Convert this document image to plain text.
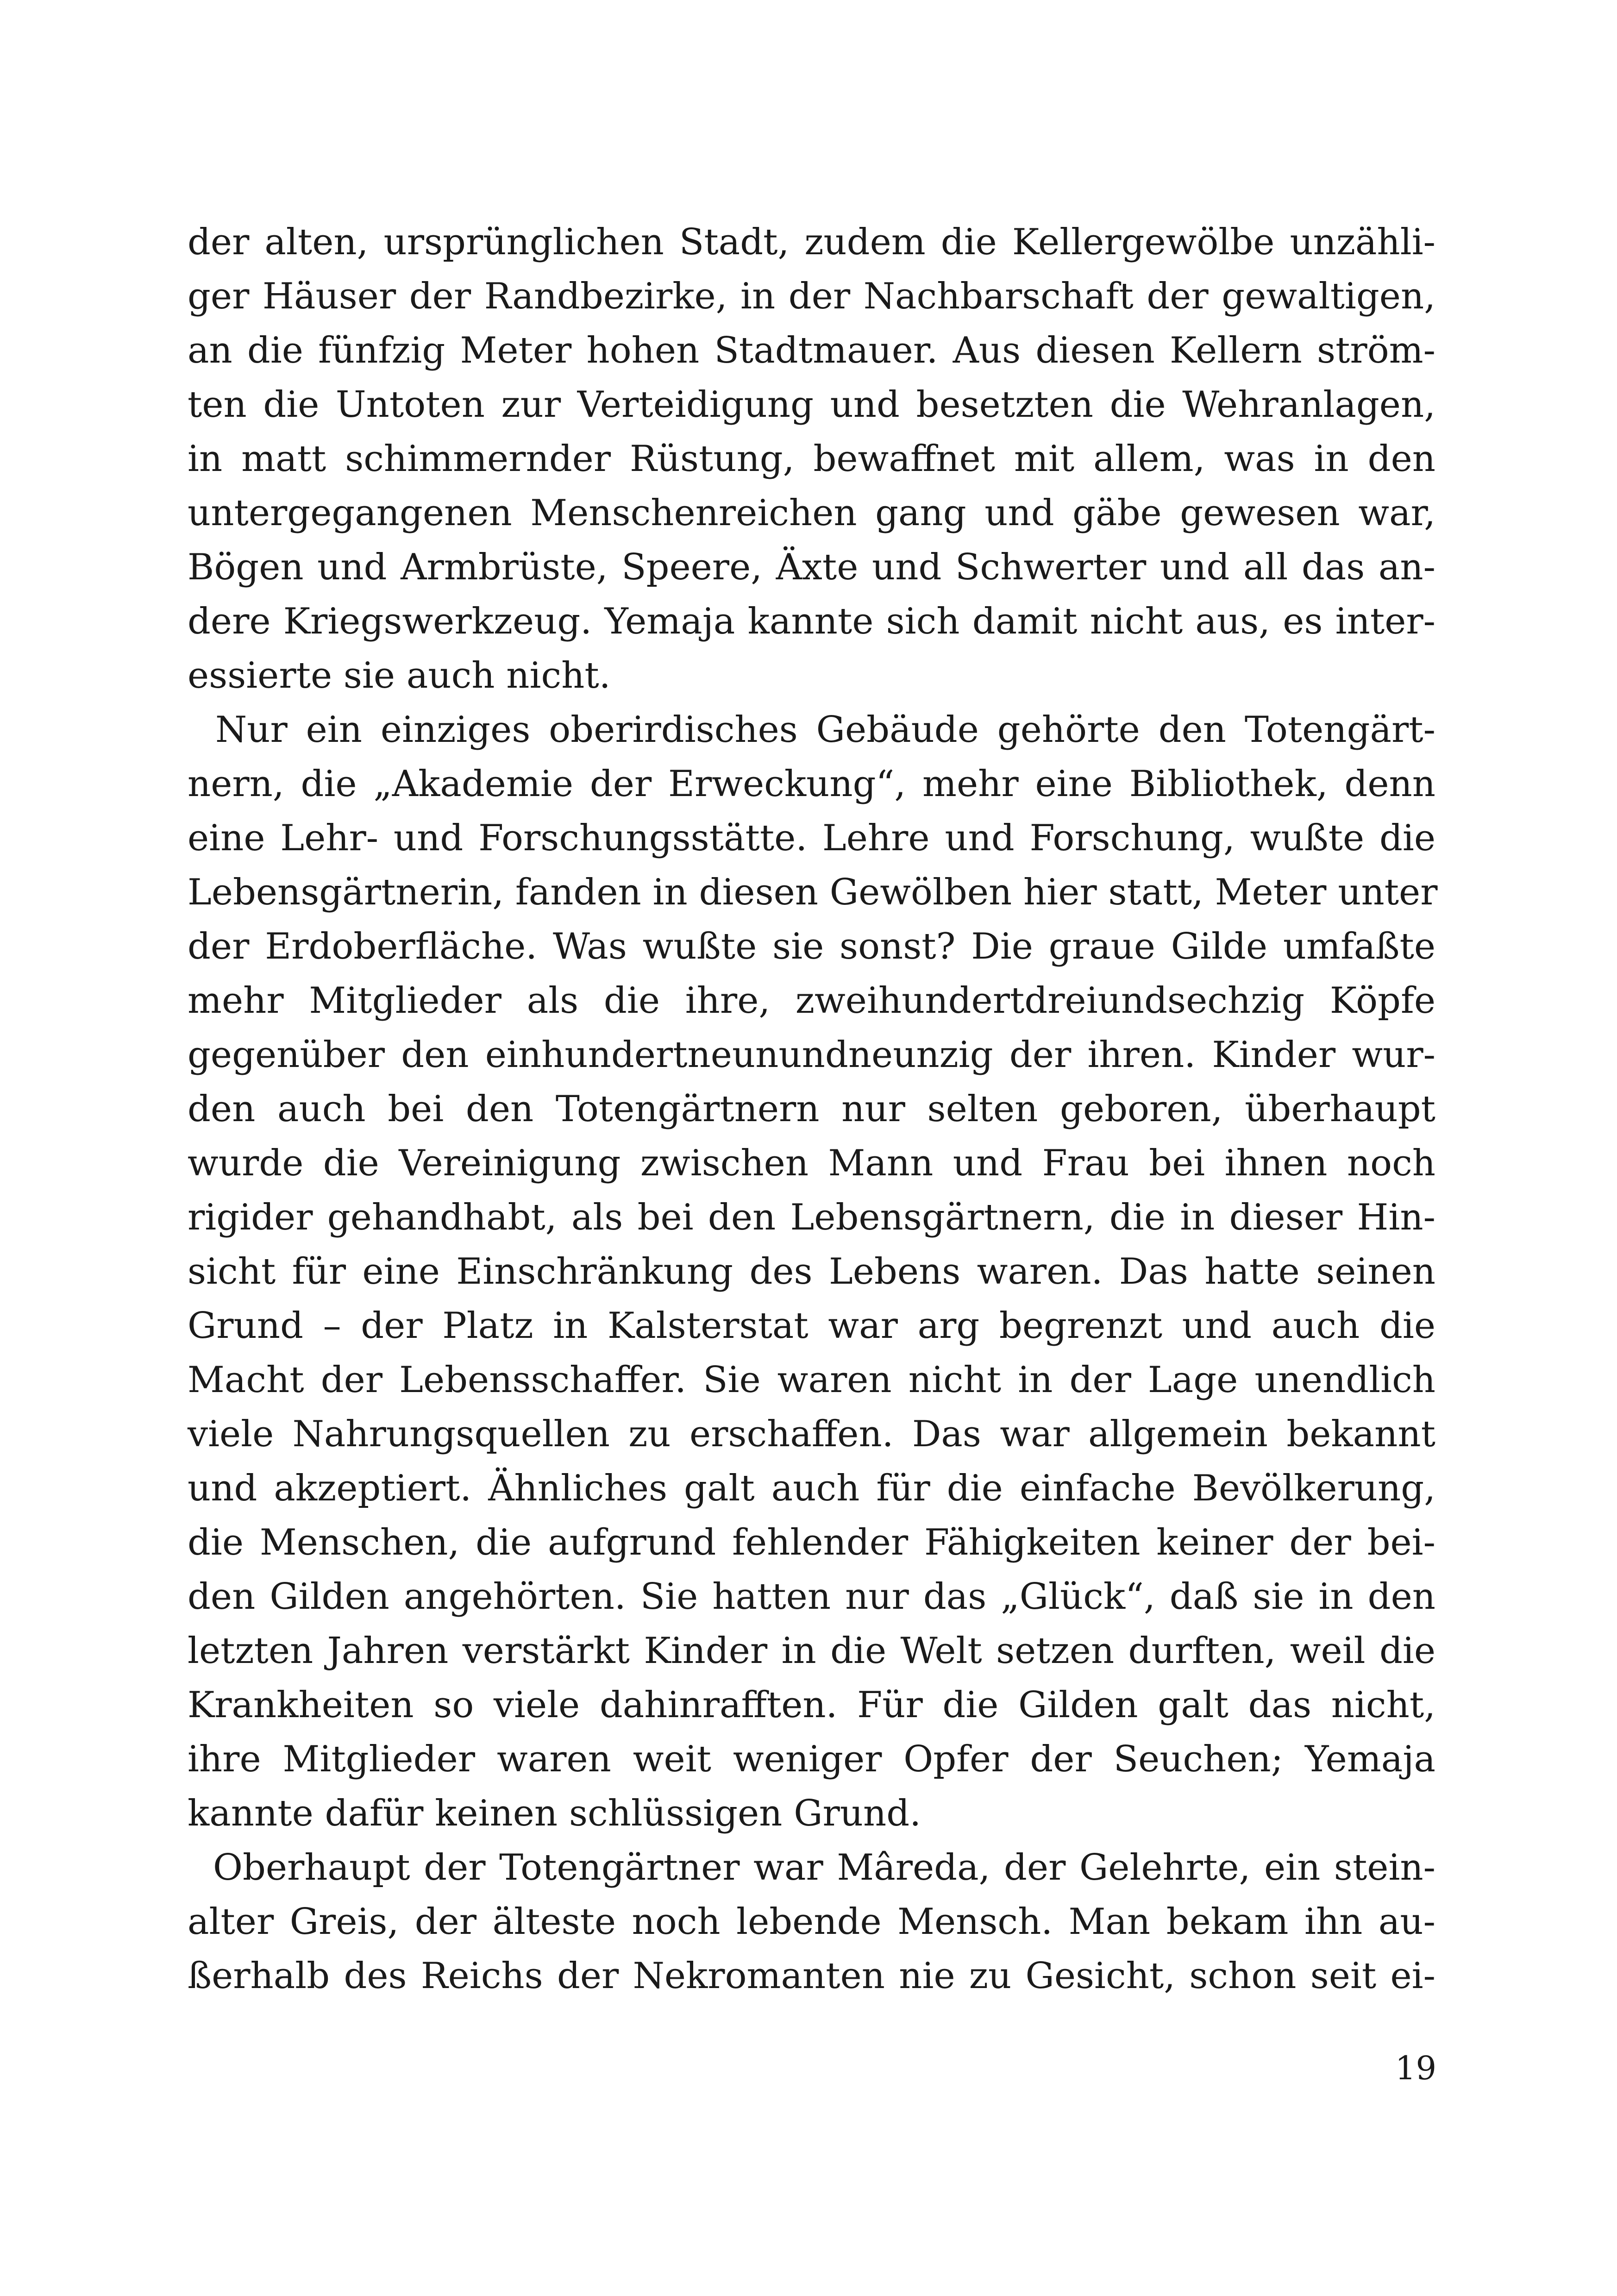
der alten, ursprünglichen Stadt, zudem die Kellergewölbe unzähli-
ger Häuser der Randbezirke, in der Nachbarschaft der gewaltigen,
an die fünfzig Meter hohen Stadtmauer. Aus diesen Kellern ström-
ten die Untoten zur Verteidigung und besetzten die Wehranlagen,
in matt schimmernder Rüstung, bewaffnet mit allem, was in den
untergegangenen Menschenreichen gang und gäbe gewesen war,
Bögen und Armbrüste, Speere, Äxte und Schwerter und all das an-
dere Kriegswerkzeug. Yemaja kannte sich damit nicht aus, es inter-
essierte sie auch nicht.
Nur ein einziges oberirdisches Gebäude gehörte den Totengärt-
nern, die „Akademie der Erweckung“, mehr eine Bibliothek, denn
eine Lehr- und Forschungsstätte. Lehre und Forschung, wußte die
Lebensgärtnerin, fanden in diesen Gewölben hier statt, Meter unter
der Erdoberfläche. Was wußte sie sonst? Die graue Gilde umfaßte
mehr Mitglieder als die ihre, zweihundertdreiundsechzig Köpfe
gegenüber den einhundertneunundneunzig der ihren. Kinder wur-
den auch bei den Totengärtnern nur selten geboren, überhaupt
wurde die Vereinigung zwischen Mann und Frau bei ihnen noch
rigider gehandhabt, als bei den Lebensgärtnern, die in dieser Hin-
sicht für eine Einschränkung des Lebens waren. Das hatte seinen
Grund – der Platz in Kalsterstat war arg begrenzt und auch die
Macht der Lebensschaffer. Sie waren nicht in der Lage unendlich
viele Nahrungsquellen zu erschaffen. Das war allgemein bekannt
und akzeptiert. Ähnliches galt auch für die einfache Bevölkerung,
die Menschen, die aufgrund fehlender Fähigkeiten keiner der bei-
den Gilden angehörten. Sie hatten nur das „Glück“, daß sie in den
letzten Jahren verstärkt Kinder in die Welt setzen durften, weil die
Krankheiten so viele dahinrafften. Für die Gilden galt das nicht,
ihre Mitglieder waren weit weniger Opfer der Seuchen; Yemaja
kannte dafür keinen schlüssigen Grund.
Oberhaupt der Totengärtner war Mâreda, der Gelehrte, ein stein-
alter Greis, der älteste noch lebende Mensch. Man bekam ihn au-
ßerhalb des Reichs der Nekromanten nie zu Gesicht, schon seit ei-
19
